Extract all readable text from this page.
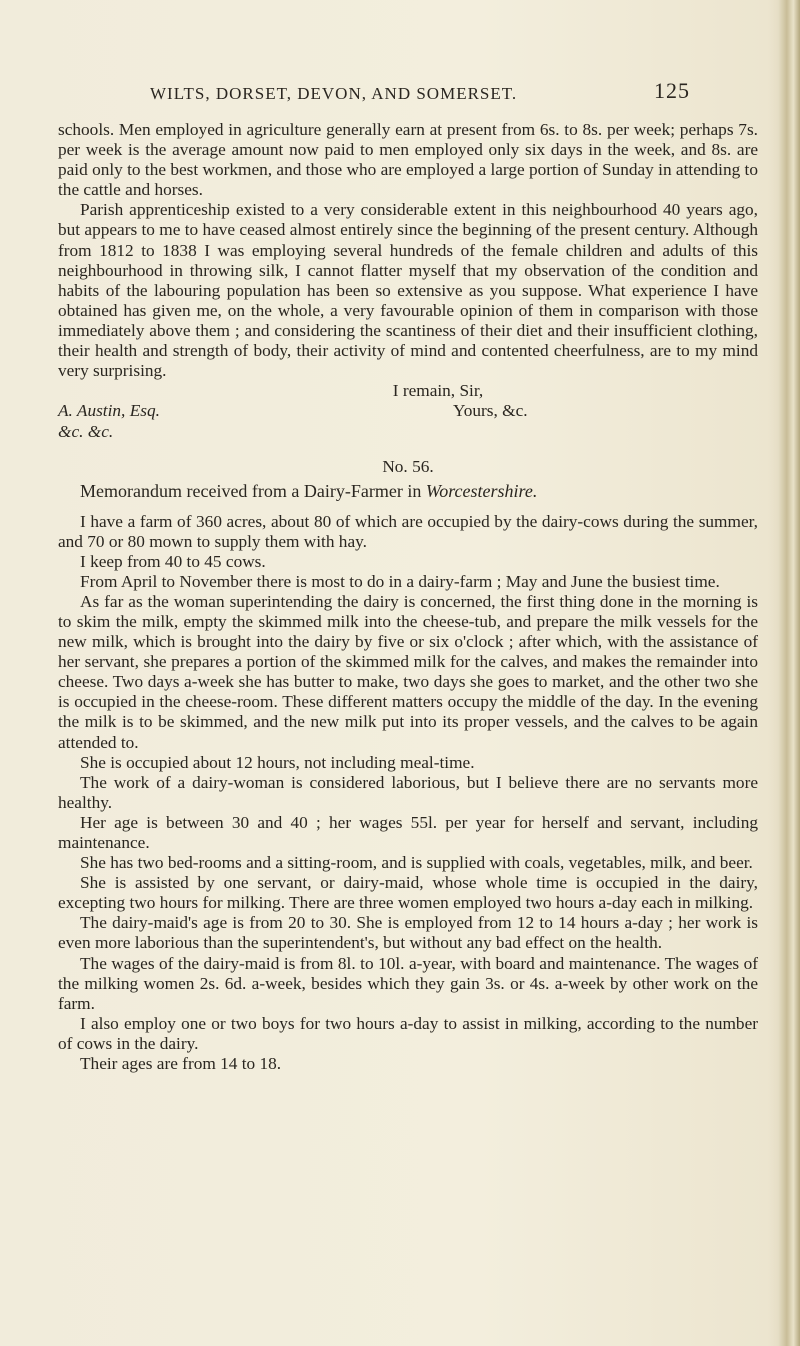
WILTS, DORSET, DEVON, AND SOMERSET.	125

schools. Men employed in agriculture generally earn at present from 6s. to 8s. per week; perhaps 7s. per week is the average amount now paid to men employed only six days in the week, and 8s. are paid only to the best workmen, and those who are employed a large portion of Sunday in attending to the cattle and horses.

Parish apprenticeship existed to a very considerable extent in this neighbourhood 40 years ago, but appears to me to have ceased almost entirely since the beginning of the present century. Although from 1812 to 1838 I was employing several hundreds of the female children and adults of this neighbourhood in throwing silk, I cannot flatter myself that my observation of the condition and habits of the labouring population has been so extensive as you suppose. What experience I have obtained has given me, on the whole, a very favourable opinion of them in comparison with those immediately above them ; and considering the scantiness of their diet and their insufficient clothing, their health and strength of body, their activity of mind and contented cheerfulness, are to my mind very surprising.

I remain, Sir,

A. Austin, Esq.	Yours, &c.
&c. &c.

No. 56.

Memorandum received from a Dairy-Farmer in Worcestershire.

I have a farm of 360 acres, about 80 of which are occupied by the dairy-cows during the summer, and 70 or 80 mown to supply them with hay.

I keep from 40 to 45 cows.

From April to November there is most to do in a dairy-farm ; May and June the busiest time.

As far as the woman superintending the dairy is concerned, the first thing done in the morning is to skim the milk, empty the skimmed milk into the cheese-tub, and prepare the milk vessels for the new milk, which is brought into the dairy by five or six o'clock ; after which, with the assistance of her servant, she prepares a portion of the skimmed milk for the calves, and makes the remainder into cheese. Two days a-week she has butter to make, two days she goes to market, and the other two she is occupied in the cheese-room. These different matters occupy the middle of the day. In the evening the milk is to be skimmed, and the new milk put into its proper vessels, and the calves to be again attended to.

She is occupied about 12 hours, not including meal-time.

The work of a dairy-woman is considered laborious, but I believe there are no servants more healthy.

Her age is between 30 and 40 ; her wages 55l. per year for herself and servant, including maintenance.

She has two bed-rooms and a sitting-room, and is supplied with coals, vegetables, milk, and beer.

She is assisted by one servant, or dairy-maid, whose whole time is occupied in the dairy, excepting two hours for milking. There are three women employed two hours a-day each in milking.

The dairy-maid's age is from 20 to 30. She is employed from 12 to 14 hours a-day ; her work is even more laborious than the superintendent's, but without any bad effect on the health.

The wages of the dairy-maid is from 8l. to 10l. a-year, with board and maintenance. The wages of the milking women 2s. 6d. a-week, besides which they gain 3s. or 4s. a-week by other work on the farm.

I also employ one or two boys for two hours a-day to assist in milking, according to the number of cows in the dairy.

Their ages are from 14 to 18.
